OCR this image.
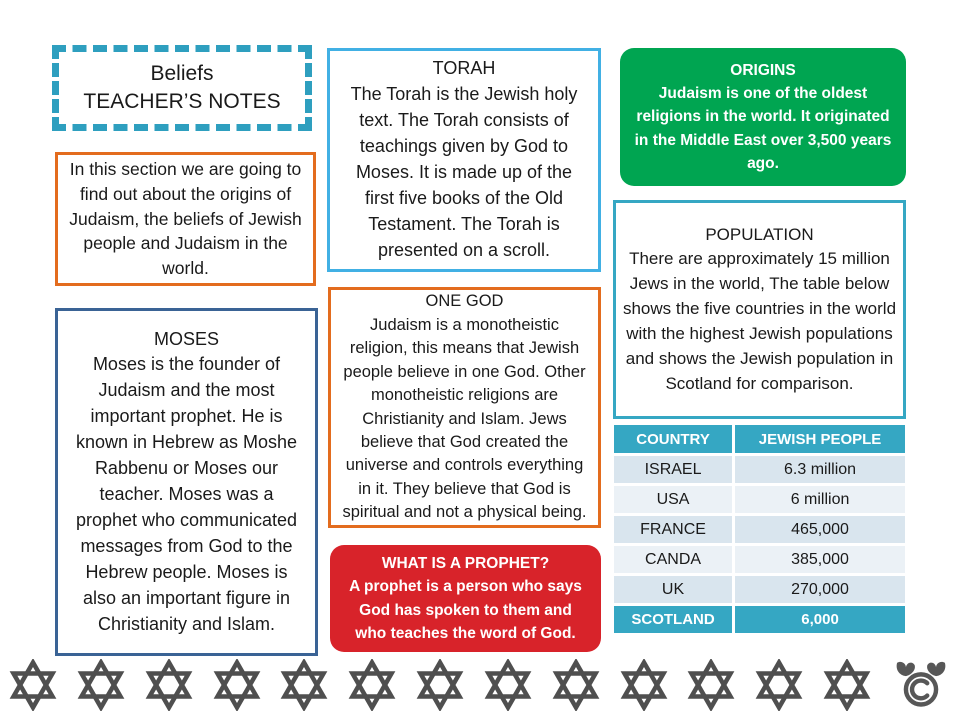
Beliefs
TEACHER’S NOTES

In this section we are going to find out about the origins of Judaism, the beliefs of Jewish people and Judaism in the world.

MOSES

Moses is the founder of Judaism and the most important prophet. He is known in Hebrew as Moshe Rabbenu or Moses our teacher. Moses was a prophet who communicated messages from God to the Hebrew people. Moses is also an important figure in Christianity and Islam.

TORAH

The Torah is the Jewish holy text. The Torah consists of teachings given by God to Moses. It is made up of the first five books of the Old Testament. The Torah is presented on a scroll.

ONE GOD

Judaism is a monotheistic religion, this means that Jewish people believe in one God. Other monotheistic religions are Christianity and Islam. Jews believe that God created the universe and controls everything in it. They believe that God is spiritual and not a physical being.

WHAT IS A PROPHET?

A prophet is a person who says God has spoken to them and who teaches the word of God.

ORIGINS

Judaism is one of the oldest religions in the world. It originated in the Middle East over 3,500 years ago.

POPULATION

There are approximately 15 million Jews in the world, The table below shows the five countries in the world with the highest Jewish populations and shows the Jewish population in Scotland for comparison.

COUNTRY	JEWISH PEOPLE
ISRAEL	6.3 million
USA	6 million
FRANCE	465,000
CANDA	385,000
UK	270,000
SCOTLAND	6,000
